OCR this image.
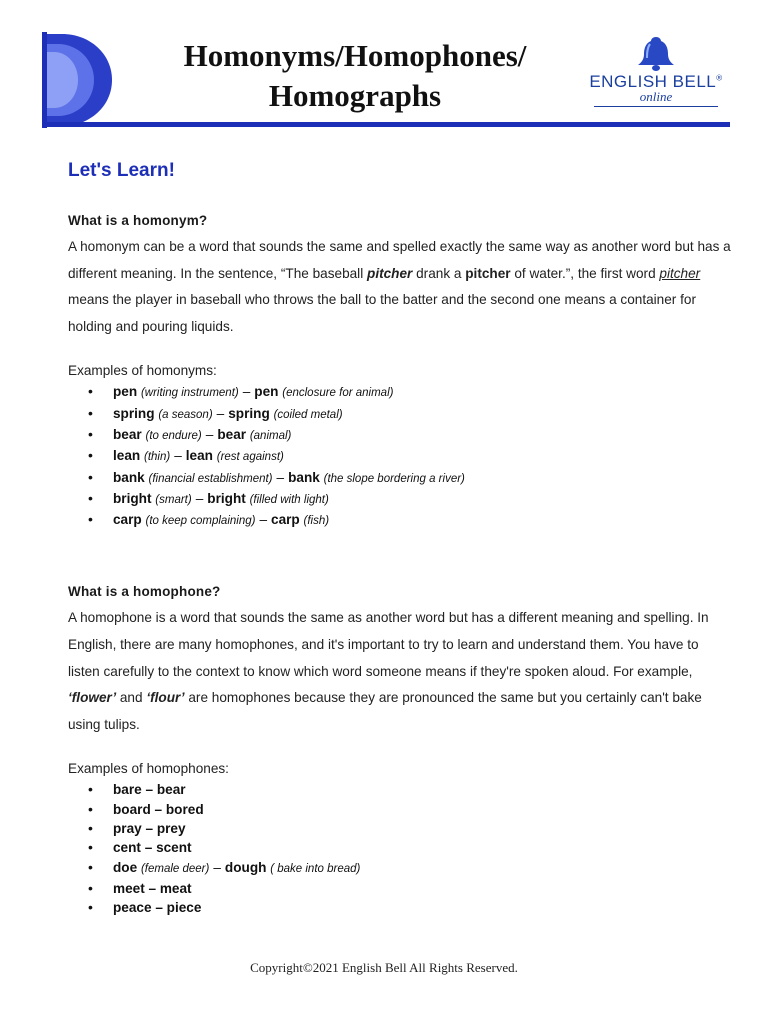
Homonyms/Homophones/
Homographs	ENGLISH BELL®
online
Let's Learn!

What is a homonym?

A homonym can be a word that sounds the same and spelled exactly the same way as another word but has a different meaning. In the sentence, “The baseball pitcher drank a pitcher of water.”, the first word pitcher means the player in baseball who throws the ball to the batter and the second one means a container for holding and pouring liquids.

Examples of homonyms:

• pen (writing instrument) – pen (enclosure for animal)
• spring (a season) – spring (coiled metal)
• bear (to endure) – bear (animal)
• lean (thin) – lean (rest against)
• bank (financial establishment) – bank (the slope bordering a river)
• bright (smart) – bright (filled with light)
• carp (to keep complaining) – carp (fish)

What is a homophone?

A homophone is a word that sounds the same as another word but has a different meaning and spelling. In English, there are many homophones, and it's important to try to learn and understand them. You have to listen carefully to the context to know which word someone means if they're spoken aloud. For example, ‘flower’ and ‘flour’ are homophones because they are pronounced the same but you certainly can't bake using tulips.

Examples of homophones:

• bare – bear
• board – bored
• pray – prey
• cent – scent
• doe (female deer) – dough ( bake into bread)
• meet – meat
• peace – piece
Copyright©2021 English Bell All Rights Reserved.
